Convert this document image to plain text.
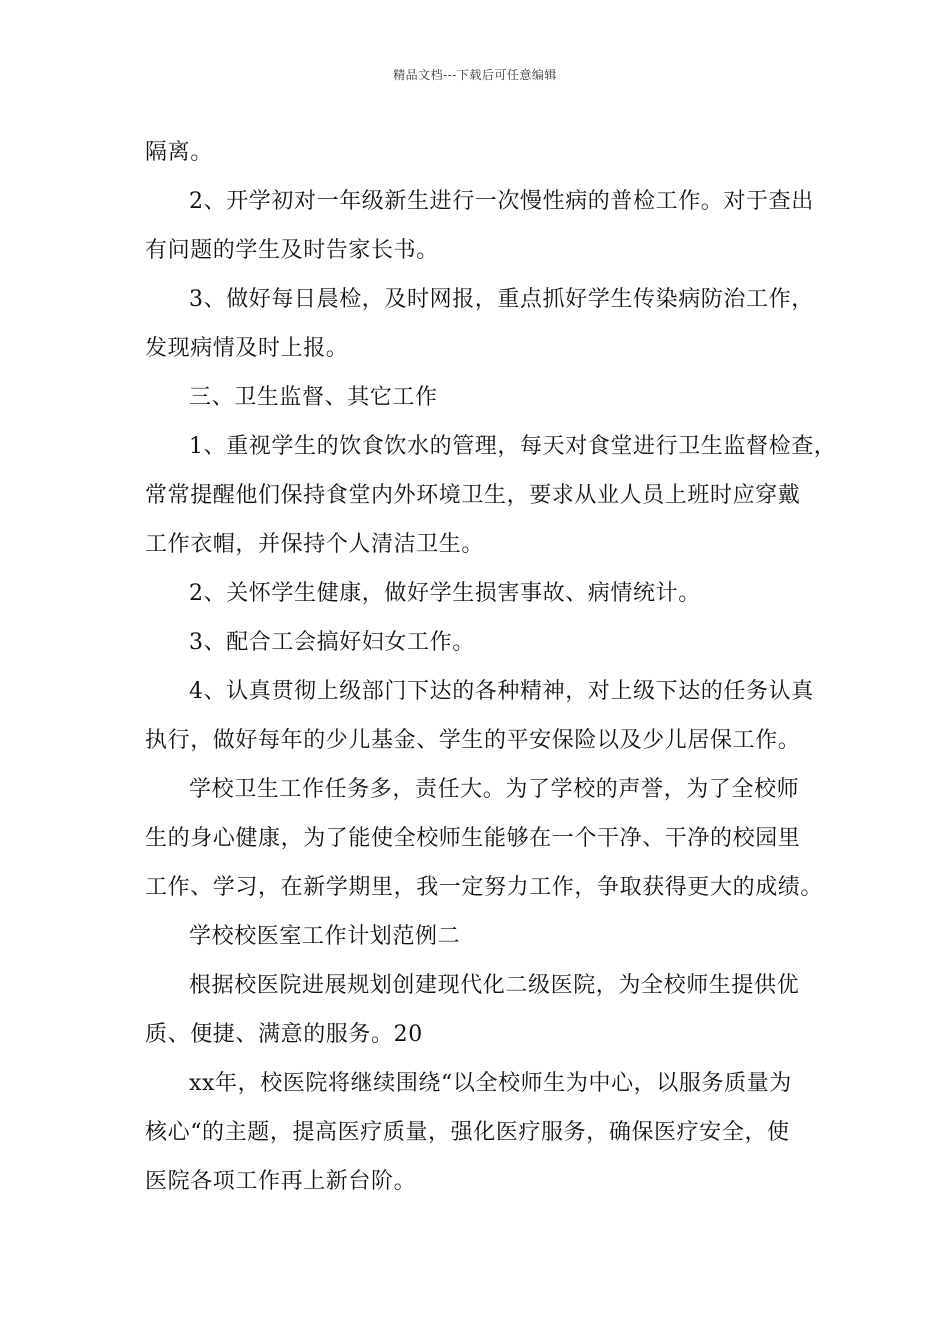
精品文档---下载后可任意编辑
隔离。
2、开学初对一年级新生进行一次慢性病的普检工作。对于查出
有问题的学生及时告家长书。
3、做好每日晨检，及时网报，重点抓好学生传染病防治工作，
发现病情及时上报。
三、卫生监督、其它工作
1、重视学生的饮食饮水的管理，每天对食堂进行卫生监督检查，
常常提醒他们保持食堂内外环境卫生，要求从业人员上班时应穿戴
工作衣帽，并保持个人清洁卫生。
2、关怀学生健康，做好学生损害事故、病情统计。
3、配合工会搞好妇女工作。
4、认真贯彻上级部门下达的各种精神，对上级下达的任务认真
执行，做好每年的少儿基金、学生的平安保险以及少儿居保工作。
学校卫生工作任务多，责任大。为了学校的声誉，为了全校师
生的身心健康，为了能使全校师生能够在一个干净、干净的校园里
工作、学习，在新学期里，我一定努力工作，争取获得更大的成绩。
学校校医室工作计划范例二
根据校医院进展规划创建现代化二级医院，为全校师生提供优
质、便捷、满意的服务。20
xx年，校医院将继续围绕“以全校师生为中心，以服务质量为
核心“的主题，提高医疗质量，强化医疗服务，确保医疗安全，使
医院各项工作再上新台阶。
